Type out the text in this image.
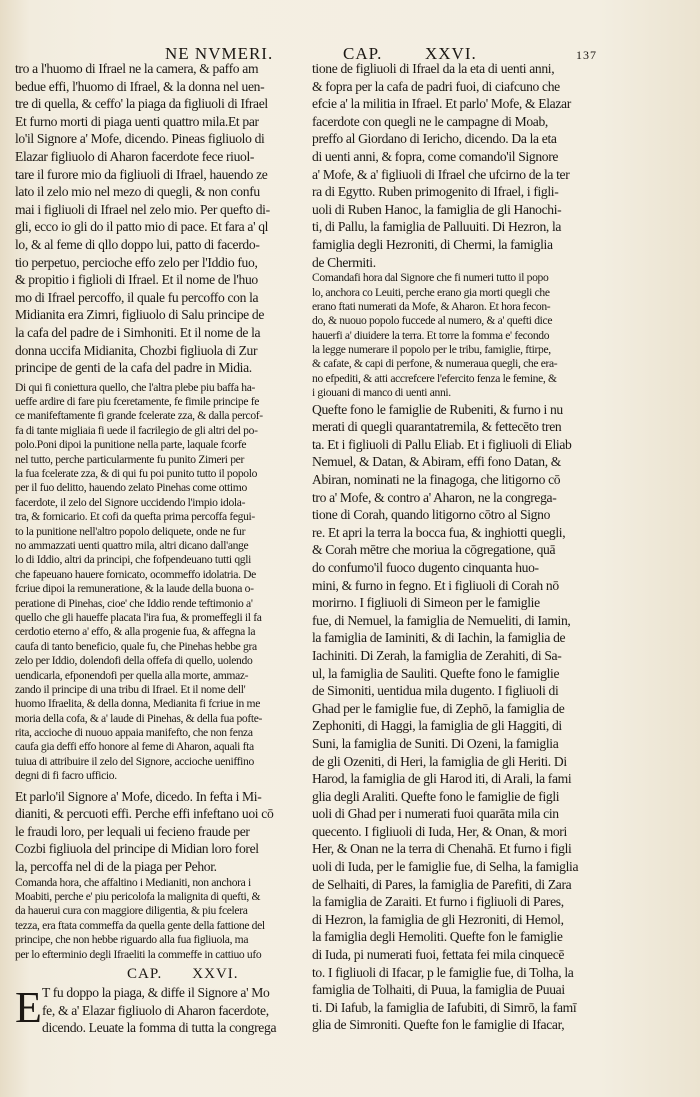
NE NVMERI.	CAP.	XXVI.	137
tro a l'huomo di Ifrael ne la camera, & paffo am
bedue effi, l'huomo di Ifrael, & la donna nel uen-
tre di quella, & ceffo' la piaga da figliuoli di Ifrael
Et furno morti di piaga uenti quattro mila.Et par
lo'il Signore a' Mofe, dicendo. Pineas figliuolo di
Elazar figliuolo di Aharon facerdote fece riuol-
tare il furore mio da figliuoli di Ifrael, hauendo ze
lato il zelo mio nel mezo di quegli, & non confu
mai i figliuoli di Ifrael nel zelo mio. Per quefto di-
gli, ecco io gli do il patto mio di pace. Et fara a' ql
lo, & al feme di qllo doppo lui, patto di facerdo-
tio perpetuo, percioche effo zelo per l'Iddio fuo,
& propitio i figlioli di Ifrael. Et il nome de l'huo
mo di Ifrael percoffo, il quale fu percoffo con la
Midianita era Zimri, figliuolo di Salu principe de
la cafa del padre de i Simhoniti. Et il nome de la
donna uccifa Midianita, Chozbi figliuola di Zur
principe de genti de la cafa del padre in Midia.
Di qui fi coniettura quello, che l'altra plebe piu baffa ha-
ueffe ardire di fare piu fceretamente, fe fimile principe fe
ce manifeftamente fi grande fcelerate zza, & dalla percof-
fa di tante migliaia fi uede il facrilegio de gli altri del po-
polo.Poni dipoi la punitione nella parte, laquale fcorfe
nel tutto, perche particularmente fu punito Zimeri per
la fua fcelerate zza, & di qui fu poi punito tutto il popolo
per il fuo delitto, hauendo zelato Pinehas come ottimo
facerdote, il zelo del Signore uccidendo l'impio idola-
tra, & fornicario. Et cofi da quefta prima percoffa fegui-
to la punitione nell'altro popolo deliquete, onde ne fur
no ammazzati uenti quattro mila, altri dicano dall'ange
lo di Iddio, altri da principi, che fofpendeuano tutti qgli
che fapeuano hauere fornicato, ocommeffo idolatria. De
fcriue dipoi la remuneratione, & la laude della buona o-
peratione di Pinehas, cioe' che Iddio rende teftimonio a'
quello che gli haueffe placata l'ira fua, & promeffegli il fa
cerdotio eterno a' effo, & alla progenie fua, & affegna la
caufa di tanto beneficio, quale fu, che Pinehas hebbe gra
zelo per Iddio, dolendofi della offefa di quello, uolendo
uendicarla, efponendofi per quella alla morte, ammaz-
zando il principe di una tribu di Ifrael. Et il nome dell'
huomo Ifraelita, & della donna, Medianita fi fcriue in me
moria della cofa, & a' laude di Pinehas, & della fua pofte-
rita, accioche di nuouo appaia manifefto, che non fenza
caufa gia deffi effo honore al feme di Aharon, aquali fta
tuiua di attribuire il zelo del Signore, accioche ueniffino
degni di fi facro ufficio.
Et parlo'il Signore a' Mofe, dicedo. In fefta i Mi-
dianiti, & percuoti effi. Perche effi infeftano uoi cō
le fraudi loro, per lequali ui fecieno fraude per
Cozbi figliuola del principe di Midian loro forel
la, percoffa nel di de la piaga per Pehor.
Comanda hora, che affaltino i Medianiti, non anchora i
Moabiti, perche e' piu pericolofa la malignita di quefti, &
da hauerui cura con maggiore diligentia, & piu fcelera
tezza, era ftata commeffa da quella gente della fattione del
principe, che non hebbe riguardo alla fua figliuola, ma
per lo efterminio degli Ifraeliti la commeffe in cattiuo ufo
CAP. XXVI.
E T fu doppo la piaga, & diffe il Signore a' Mo
fe, & a' Elazar figliuolo di Aharon facerdote,
dicendo. Leuate la fomma di tutta la congrega
tione de figliuoli di Ifrael da la eta di uenti anni,
& fopra per la cafa de padri fuoi, di ciafcuno che
efcie a' la militia in Ifrael. Et parlo' Mofe, & Elazar
facerdote con quegli ne le campagne di Moab,
preffo al Giordano di Iericho, dicendo. Da la eta
di uenti anni, & fopra, come comando'il Signore
a' Mofe, & a' figliuoli di Ifrael che ufcirno de la ter
ra di Egytto. Ruben primogenito di Ifrael, i figli-
uoli di Ruben Hanoc, la famiglia de gli Hanochi-
ti, di Pallu, la famiglia de Palluuiti. Di Hezron, la
famiglia degli Hezroniti, di Chermi, la famiglia
de Chermiti.
Comandafi hora dal Signore che fi numeri tutto il popo
lo, anchora co Leuiti, perche erano gia morti quegli che
erano ftati numerati da Mofe, & Aharon. Et hora fecon-
do, & nuouo popolo fuccede al numero, & a' quefti dice
hauerfi a' diuidere la terra. Et torre la fomma e' fecondo
la legge numerare il popolo per le tribu, famiglie, ftirpe,
& cafate, & capi di perfone, & numeraua quegli, che era-
no efpediti, & atti accrefcere l'efercito fenza le femine, &
i giouani di manco di uenti anni.
Quefte fono le famiglie de Rubeniti, & furno i nu
merati di quegli quarantatremila, & fettecēto tren
ta. Et i figliuoli di Pallu Eliab. Et i figliuoli di Eliab
Nemuel, & Datan, & Abiram, effi fono Datan, &
Abiran, nominati ne la finagoga, che litigorno cō
tro a' Mofe, & contro a' Aharon, ne la congrega-
tione di Corah, quando litigorno cōtro al Signo
re. Et apri la terra la bocca fua, & inghiotti quegli,
& Corah mētre che moriua la cōgregatione, quā
do confumo'il fuoco dugento cinquanta huo-
mini, & furno in fegno. Et i figliuoli di Corah nō
morirno. I figliuoli di Simeon per le famiglie
fue, di Nemuel, la famiglia de Nemueliti, di Iamin,
la famiglia de Iaminiti, & di Iachin, la famiglia de
Iachiniti. Di Zerah, la famiglia de Zerahiti, di Sa-
ul, la famiglia de Sauliti. Quefte fono le famiglie
de Simoniti, uentidua mila dugento. I figliuoli di
Ghad per le famiglie fue, di Zephō, la famiglia de
Zephoniti, di Haggi, la famiglia de gli Haggiti, di
Suni, la famiglia de Suniti. Di Ozeni, la famiglia
de gli Ozeniti, di Heri, la famiglia de gli Heriti. Di
Harod, la famiglia de gli Harod iti, di Arali, la fami
glia degli Araliti. Quefte fono le famiglie de figli
uoli di Ghad per i numerati fuoi quarāta mila cin
quecento. I figliuoli di Iuda, Her, & Onan, & mori
Her, & Onan ne la terra di Chenahā. Et furno i figli
uoli di Iuda, per le famiglie fue, di Selha, la famiglia
de Selhaiti, di Pares, la famiglia de Parefiti, di Zara
la famiglia de Zaraiti. Et furno i figliuoli di Pares,
di Hezron, la famiglia de gli Hezroniti, di Hemol,
la famiglia degli Hemoliti. Quefte fon le famiglie
di Iuda, pi numerati fuoi, fettata fei mila cinquecē
to. I figliuoli di Ifacar, p le famiglie fue, di Tolha, la
famiglia de Tolhaiti, di Puua, la famiglia de Puuai
ti. Di Iafub, la famiglia de Iafubiti, di Simrō, la famī
glia de Simroniti. Quefte fon le famiglie di Ifacar,
